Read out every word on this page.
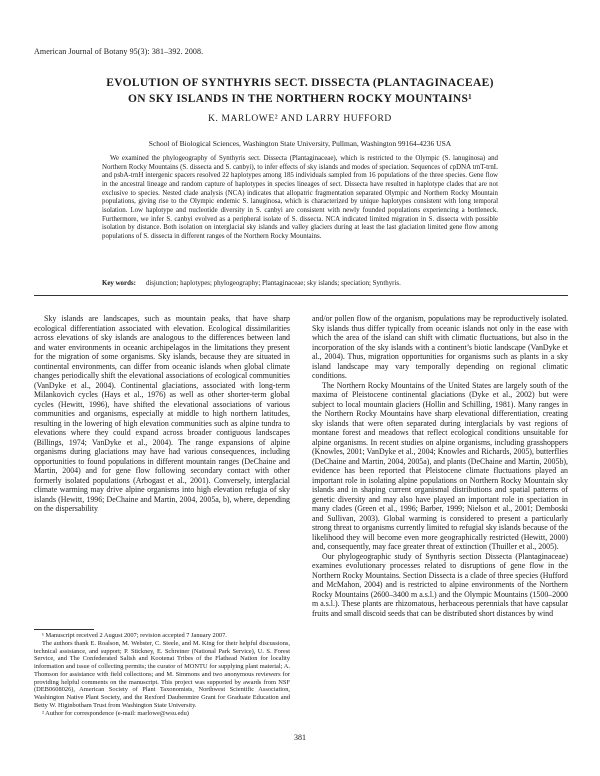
American Journal of Botany 95(3): 381–392. 2008.
EVOLUTION OF SYNTHYRIS SECT. DISSECTA (PLANTAGINACEAE)
ON SKY ISLANDS IN THE NORTHERN ROCKY MOUNTAINS¹
K. MARLOWE² AND LARRY HUFFORD
School of Biological Sciences, Washington State University, Pullman, Washington 99164-4236 USA
We examined the phylogeography of Synthyris sect. Dissecta (Plantaginaceae), which is restricted to the Olympic (S. lanuginosa) and Northern Rocky Mountains (S. dissecta and S. canbyi), to infer effects of sky islands and modes of speciation. Sequences of cpDNA trnT-trnL and psbA-trnH intergenic spacers resolved 22 haplotypes among 185 individuals sampled from 16 populations of the three species. Gene flow in the ancestral lineage and random capture of haplotypes in species lineages of sect. Dissecta have resulted in haplotype clades that are not exclusive to species. Nested clade analysis (NCA) indicates that allopatric fragmentation separated Olympic and Northern Rocky Mountain populations, giving rise to the Olympic endemic S. lanuginosa, which is characterized by unique haplotypes consistent with long temporal isolation. Low haplotype and nucleotide diversity in S. canbyi are consistent with newly founded populations experiencing a bottleneck. Furthermore, we infer S. canbyi evolved as a peripheral isolate of S. dissecta. NCA indicated limited migration in S. dissecta with possible isolation by distance. Both isolation on interglacial sky islands and valley glaciers during at least the last glaciation limited gene flow among populations of S. dissecta in different ranges of the Northern Rocky Mountains.
Key words: disjunction; haplotypes; phylogeography; Plantaginaceae; sky islands; speciation; Synthyris.

Sky islands are landscapes, such as mountain peaks, that have sharp ecological differentiation associated with elevation. Ecological dissimilarities across elevations of sky islands are analogous to the differences between land and water environments in oceanic archipelagos in the limitations they present for the migration of some organisms. Sky islands, because they are situated in continental environments, can differ from oceanic islands when global climate changes periodically shift the elevational associations of ecological communities (VanDyke et al., 2004). Continental glaciations, associated with long-term Milankovich cycles (Hays et al., 1976) as well as other shorter-term global cycles (Hewitt, 1996), have shifted the elevational associations of various communities and organisms, especially at middle to high northern latitudes, resulting in the lowering of high elevation communities such as alpine tundra to elevations where they could expand across broader contiguous landscapes (Billings, 1974; VanDyke et al., 2004). The range expansions of alpine organisms during glaciations may have had various consequences, including opportunities to found populations in different mountain ranges (DeChaine and Martin, 2004) and for gene flow following secondary contact with other formerly isolated populations (Arbogast et al., 2001). Conversely, interglacial climate warming may drive alpine organisms into high elevation refugia of sky islands (Hewitt, 1996; DeChaine and Martin, 2004, 2005a, b), where, depending on the dispersability

and/or pollen flow of the organism, populations may be reproductively isolated. Sky islands thus differ typically from oceanic islands not only in the ease with which the area of the island can shift with climatic fluctuations, but also in the incorporation of the sky islands with a continent’s biotic landscape (VanDyke et al., 2004). Thus, migration opportunities for organisms such as plants in a sky island landscape may vary temporally depending on regional climatic conditions.

The Northern Rocky Mountains of the United States are largely south of the maxima of Pleistocene continental glaciations (Dyke et al., 2002) but were subject to local mountain glaciers (Hollin and Schilling, 1981). Many ranges in the Northern Rocky Mountains have sharp elevational differentiation, creating sky islands that were often separated during interglacials by vast regions of montane forest and meadows that reflect ecological conditions unsuitable for alpine organisms. In recent studies on alpine organisms, including grasshoppers (Knowles, 2001; VanDyke et al., 2004; Knowles and Richards, 2005), butterflies (DeChaine and Martin, 2004, 2005a), and plants (DeChaine and Martin, 2005b), evidence has been reported that Pleistocene climate fluctuations played an important role in isolating alpine populations on Northern Rocky Mountain sky islands and in shaping current organismal distributions and spatial patterns of genetic diversity and may also have played an important role in speciation in many clades (Green et al., 1996; Barber, 1999; Nielson et al., 2001; Demboski and Sullivan, 2003). Global warming is considered to present a particularly strong threat to organisms currently limited to refugial sky islands because of the likelihood they will become even more geographically restricted (Hewitt, 2000) and, consequently, may face greater threat of extinction (Thuiller et al., 2005).

Our phylogeographic study of Synthyris section Dissecta (Plantaginaceae) examines evolutionary processes related to disruptions of gene flow in the Northern Rocky Mountains. Section Dissecta is a clade of three species (Hufford and McMahon, 2004) and is restricted to alpine environments of the Northern Rocky Mountains (2600–3400 m a.s.l.) and the Olympic Mountains (1500–2000 m a.s.l.). These plants are rhizomatous, herbaceous perennials that have capsular fruits and small discoid seeds that can be distributed short distances by wind

¹ Manuscript received 2 August 2007; revision accepted 7 January 2007.

The authors thank E. Roalson, M. Webster, C. Steele, and M. King for their helpful discussions, technical assistance, and support; P. Stickney, E. Schreiner (National Park Service), U. S. Forest Service, and The Confederated Salish and Kootenai Tribes of the Flathead Nation for locality information and issue of collecting permits; the curator of MONTU for supplying plant material; A. Thomson for assistance with field collections; and M. Simmons and two anonymous reviewers for providing helpful comments on the manuscript. This project was supported by awards from NSF (DEB0608026), American Society of Plant Taxonomists, Northwest Scientific Association, Washington Native Plant Society, and the Rexford Daubenmire Grant for Graduate Education and Betty W. Higinbotham Trust from Washington State University.

² Author for correspondence (e-mail: marlowe@wsu.edu)

381
